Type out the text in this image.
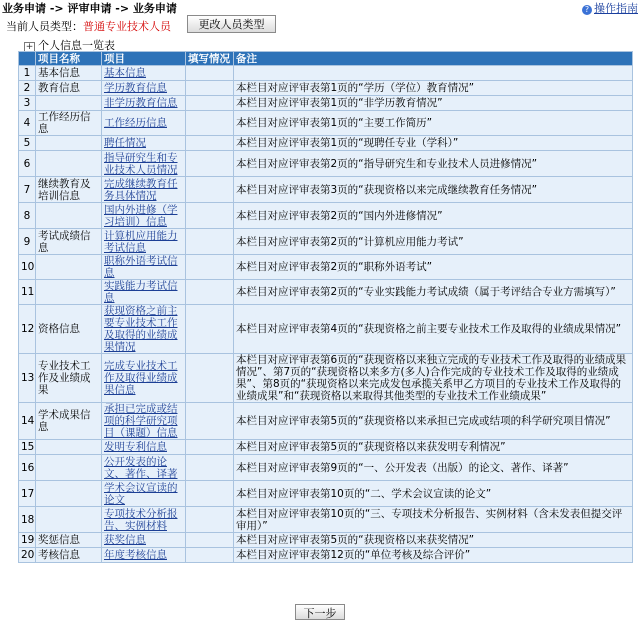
业务申请 -> 评审申请 -> 业务申请	? 操作指南
当前人员类型：普通专业技术人员	更改人员类型
+ 个人信息一览表
	项目名称	项目	填写情况	备注
1	基本信息	基本信息		
2	教育信息	学历教育信息		本栏目对应评审表第1页的“学历（学位）教育情况”
3		非学历教育信息		本栏目对应评审表第1页的“非学历教育情况”
4	工作经历信息	工作经历信息		本栏目对应评审表第1页的“主要工作简历”
5		聘任情况		本栏目对应评审表第1页的“现聘任专业（学科）”
6		指导研究生和专业技术人员情况		本栏目对应评审表第2页的“指导研究生和专业技术人员进修情况”
7	继续教育及培训信息	完成继续教育任务具体情况		本栏目对应评审表第3页的“获现资格以来完成继续教育任务情况”
8		国内外进修（学习培训）信息		本栏目对应评审表第2页的“国内外进修情况”
9	考试成绩信息	计算机应用能力考试信息		本栏目对应评审表第2页的“计算机应用能力考试”
10		职称外语考试信息		本栏目对应评审表第2页的“职称外语考试”
11		实践能力考试信息		本栏目对应评审表第2页的“专业实践能力考试成绩（属于考评结合专业方需填写）”
12	资格信息	获现资格之前主要专业技术工作及取得的业绩成果情况		本栏目对应评审表第4页的“获现资格之前主要专业技术工作及取得的业绩成果情况”
13	专业技术工作及业绩成果	完成专业技术工作及取得业绩成果信息		本栏目对应评审表第6页的“获现资格以来独立完成的专业技术工作及取得的业绩成果情况”、第7页的“获现资格以来多方(多人)合作完成的专业技术工作及取得的业绩成果”、第8页的“获现资格以来完成发包承揽关系甲乙方项目的专业技术工作及取得的业绩成果”和“获现资格以来取得其他类型的专业技术工作业绩成果”
14	学术成果信息	承担已完成或结项的科学研究项目（课题）信息		本栏目对应评审表第5页的“获现资格以来承担已完成或结项的科学研究项目情况”
15		发明专利信息		本栏目对应评审表第5页的“获现资格以来获发明专利情况”
16		公开发表的论文、著作、译著		本栏目对应评审表第9页的“一、公开发表（出版）的论文、著作、译著”
17		学术会议宣读的论文		本栏目对应评审表第10页的“二、学术会议宣读的论文”
18		专项技术分析报告、实例材料		本栏目对应评审表第10页的“三、专项技术分析报告、实例材料（含未发表但提交评审用）”
19	奖惩信息	获奖信息		本栏目对应评审表第5页的“获现资格以来获奖情况”
20	考核信息	年度考核信息		本栏目对应评审表第12页的“单位考核及综合评价”
下一步
